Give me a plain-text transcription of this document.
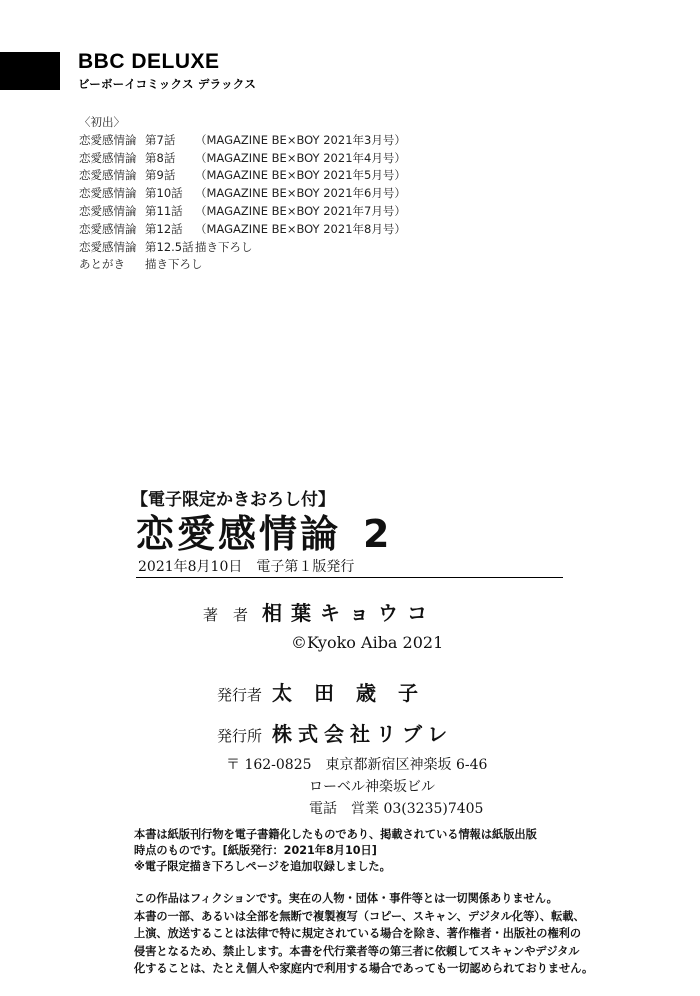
BBC DELUXE
ビーボーイコミックス デラックス
〈初出〉
恋愛感情論 第7話 （MAGAZINE BE×BOY 2021年3月号）
恋愛感情論 第8話 （MAGAZINE BE×BOY 2021年4月号）
恋愛感情論 第9話 （MAGAZINE BE×BOY 2021年5月号）
恋愛感情論 第10話 （MAGAZINE BE×BOY 2021年6月号）
恋愛感情論 第11話 （MAGAZINE BE×BOY 2021年7月号）
恋愛感情論 第12話 （MAGAZINE BE×BOY 2021年8月号）
恋愛感情論 第12.5話描き下ろし
あとがき 描き下ろし
【電子限定かきおろし付】
恋愛感情論 2
2021年8月10日　電子第１版発行
著　者 相葉キョウコ
©Kyoko Aiba 2021
発行者 太田歳子
発行所 株式会社リブレ
〒 162-0825　東京都新宿区神楽坂 6-46
ローベル神楽坂ビル
電話　営業 03(3235)7405
本書は紙版刊行物を電子書籍化したものであり、掲載されている情報は紙版出版
時点のものです。[紙版発行：2021年8月10日]
※電子限定描き下ろしページを追加収録しました。
この作品はフィクションです。実在の人物・団体・事件等とは一切関係ありません。
本書の一部、あるいは全部を無断で複製複写（コピー、スキャン、デジタル化等）、転載、
上演、放送することは法律で特に規定されている場合を除き、著作権者・出版社の権利の
侵害となるため、禁止します。本書を代行業者等の第三者に依頼してスキャンやデジタル
化することは、たとえ個人や家庭内で利用する場合であっても一切認められておりません。
